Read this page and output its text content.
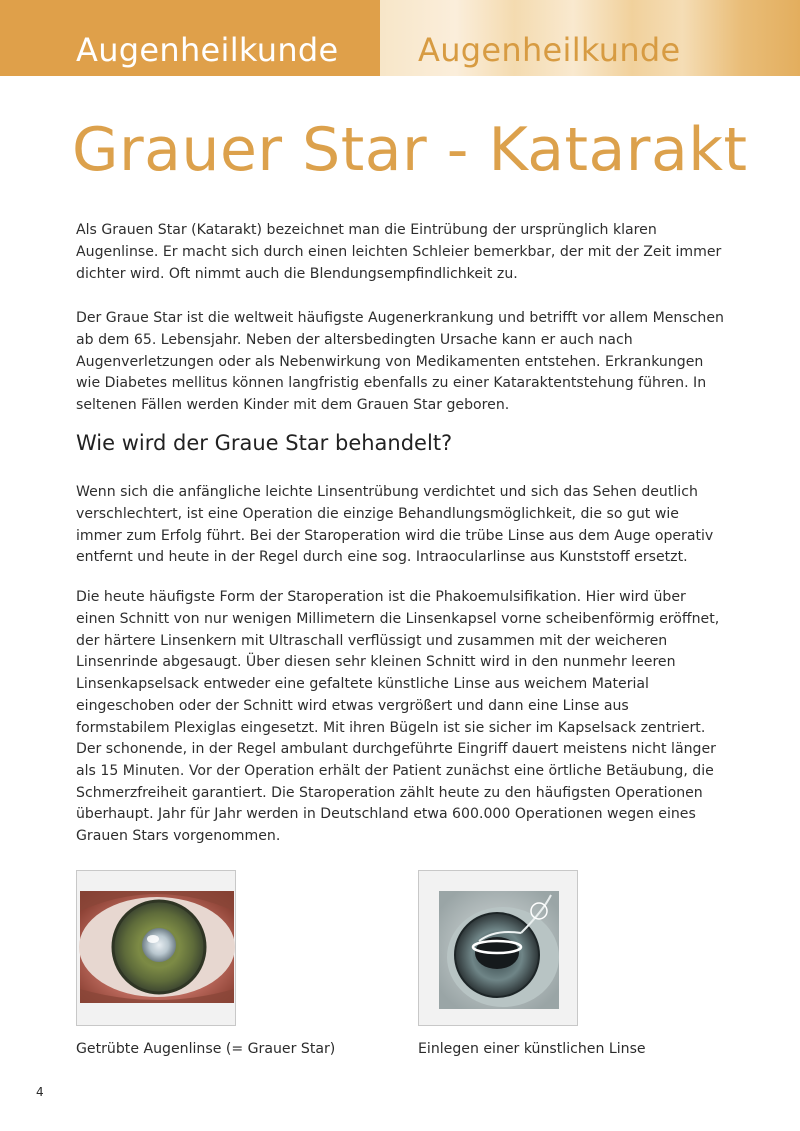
Augenheilkunde Augenheilkunde
Grauer Star - Katarakt

Als Grauen Star (Katarakt) bezeichnet man die Eintrübung der ursprünglich klaren Augenlinse. Er macht sich durch einen leichten Schleier bemerkbar, der mit der Zeit immer dichter wird. Oft nimmt auch die Blendungsempfindlichkeit zu.

Der Graue Star ist die weltweit häufigste Augenerkrankung und betrifft vor allem Menschen ab dem 65. Lebensjahr. Neben der altersbedingten Ursache kann er auch nach Augenverletzungen oder als Nebenwirkung von Medikamenten entstehen. Erkrankungen wie Diabetes mellitus können langfristig ebenfalls zu einer Kataraktentstehung führen. In seltenen Fällen werden Kinder mit dem Grauen Star geboren.

Wie wird der Graue Star behandelt?

Wenn sich die anfängliche leichte Linsentrübung verdichtet und sich das Sehen deutlich verschlechtert, ist eine Operation die einzige Behandlungsmöglichkeit, die so gut wie immer zum Erfolg führt. Bei der Staroperation wird die trübe Linse aus dem Auge operativ entfernt und heute in der Regel durch eine sog. Intraocularlinse aus Kunststoff ersetzt.

Die heute häufigste Form der Staroperation ist die Phakoemulsifikation. Hier wird über einen Schnitt von nur wenigen Millimetern die Linsenkapsel vorne scheibenförmig eröffnet, der härtere Linsenkern mit Ultraschall verflüssigt und zusammen mit der weicheren Linsenrinde abgesaugt. Über diesen sehr kleinen Schnitt wird in den nunmehr leeren Linsenkapselsack entweder eine gefaltete künstliche Linse aus weichem Material eingeschoben oder der Schnitt wird etwas vergrößert und dann eine Linse aus formstabilem Plexiglas eingesetzt. Mit ihren Bügeln ist sie sicher im Kapselsack zentriert.

Der schonende, in der Regel ambulant durchgeführte Eingriff dauert meistens nicht länger als 15 Minuten. Vor der Operation erhält der Patient zunächst eine örtliche Betäubung, die Schmerzfreiheit garantiert. Die Staroperation zählt heute zu den häufigsten Operationen überhaupt. Jahr für Jahr werden in Deutschland etwa 600.000 Operationen wegen eines Grauen Stars vorgenommen.

Getrübte Augenlinse (= Grauer Star)	Einlegen einer künstlichen Linse

4
